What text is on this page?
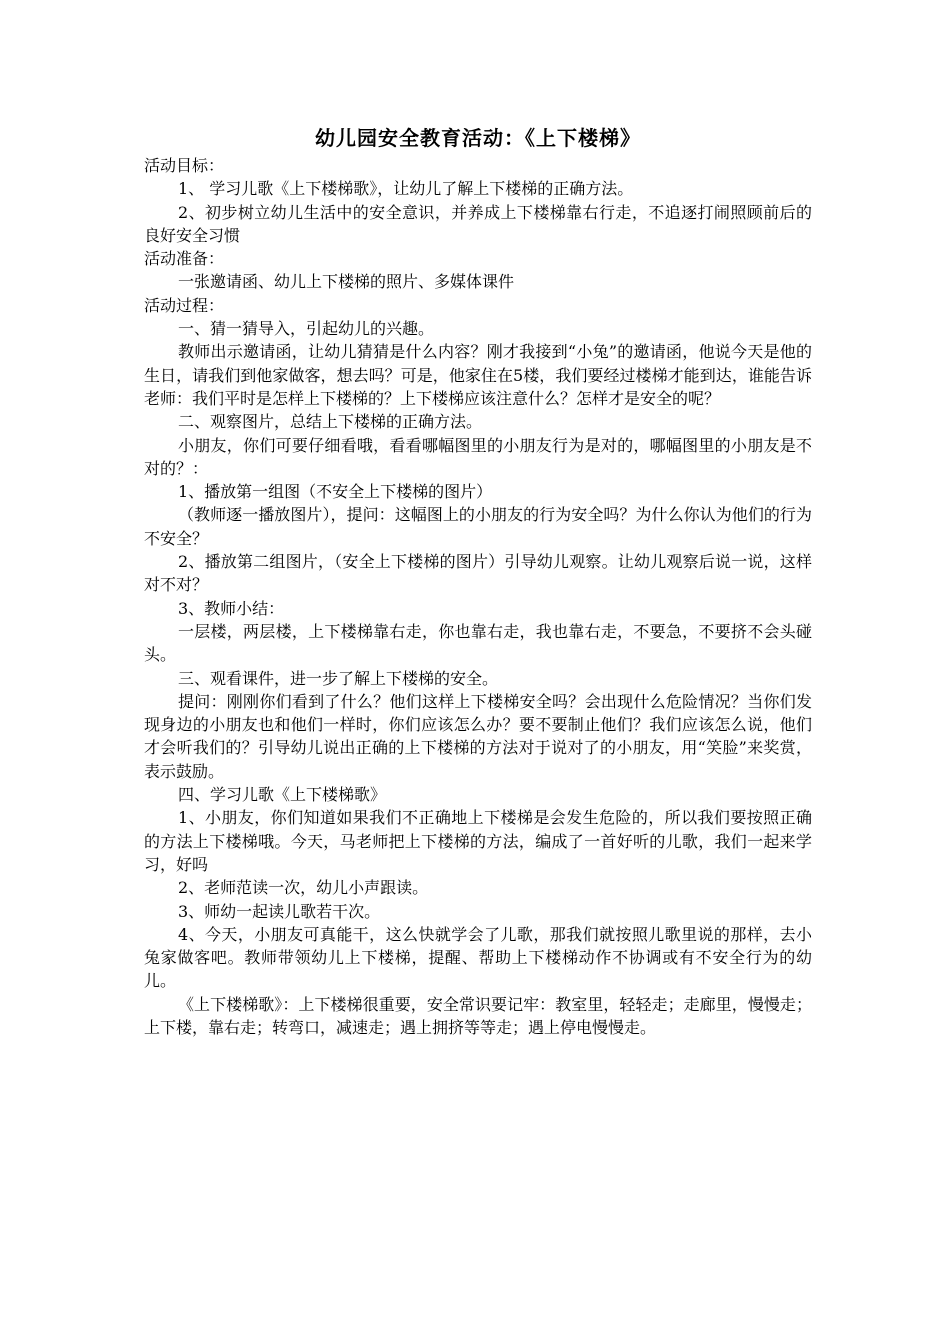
幼儿园安全教育活动：《上下楼梯》

活动目标：

1、 学习儿歌《上下楼梯歌》，让幼儿了解上下楼梯的正确方法。

2、初步树立幼儿生活中的安全意识，并养成上下楼梯靠右行走，不追逐打闹照顾前后的良好安全习惯

活动准备：

一张邀请函、幼儿上下楼梯的照片、多媒体课件

活动过程：

一、猜一猜导入，引起幼儿的兴趣。

教师出示邀请函，让幼儿猜猜是什么内容？刚才我接到“小兔”的邀请函，他说今天是他的生日，请我们到他家做客，想去吗？可是，他家住在5楼，我们要经过楼梯才能到达，谁能告诉老师：我们平时是怎样上下楼梯的？上下楼梯应该注意什么？怎样才是安全的呢？

二、观察图片，总结上下楼梯的正确方法。

小朋友，你们可要仔细看哦，看看哪幅图里的小朋友行为是对的，哪幅图里的小朋友是不对的？：

1、播放第一组图（不安全上下楼梯的图片）

（教师逐一播放图片），提问：这幅图上的小朋友的行为安全吗？为什么你认为他们的行为不安全？

2、播放第二组图片，（安全上下楼梯的图片）引导幼儿观察。让幼儿观察后说一说，这样对不对？

3、教师小结：

一层楼，两层楼，上下楼梯靠右走，你也靠右走，我也靠右走，不要急，不要挤不会头碰头。

三、观看课件，进一步了解上下楼梯的安全。

提问：刚刚你们看到了什么？他们这样上下楼梯安全吗？会出现什么危险情况？当你们发现身边的小朋友也和他们一样时，你们应该怎么办？要不要制止他们？我们应该怎么说，他们才会听我们的？引导幼儿说出正确的上下楼梯的方法对于说对了的小朋友，用“笑脸”来奖赏，表示鼓励。

四、学习儿歌《上下楼梯歌》

1、小朋友，你们知道如果我们不正确地上下楼梯是会发生危险的，所以我们要按照正确的方法上下楼梯哦。今天，马老师把上下楼梯的方法，编成了一首好听的儿歌，我们一起来学习，好吗

2、老师范读一次，幼儿小声跟读。

3、师幼一起读儿歌若干次。

4、今天，小朋友可真能干，这么快就学会了儿歌，那我们就按照儿歌里说的那样，去小兔家做客吧。教师带领幼儿上下楼梯，提醒、帮助上下楼梯动作不协调或有不安全行为的幼儿。

《上下楼梯歌》：上下楼梯很重要，安全常识要记牢：教室里，轻轻走；走廊里，慢慢走；上下楼，靠右走；转弯口，减速走；遇上拥挤等等走；遇上停电慢慢走。
